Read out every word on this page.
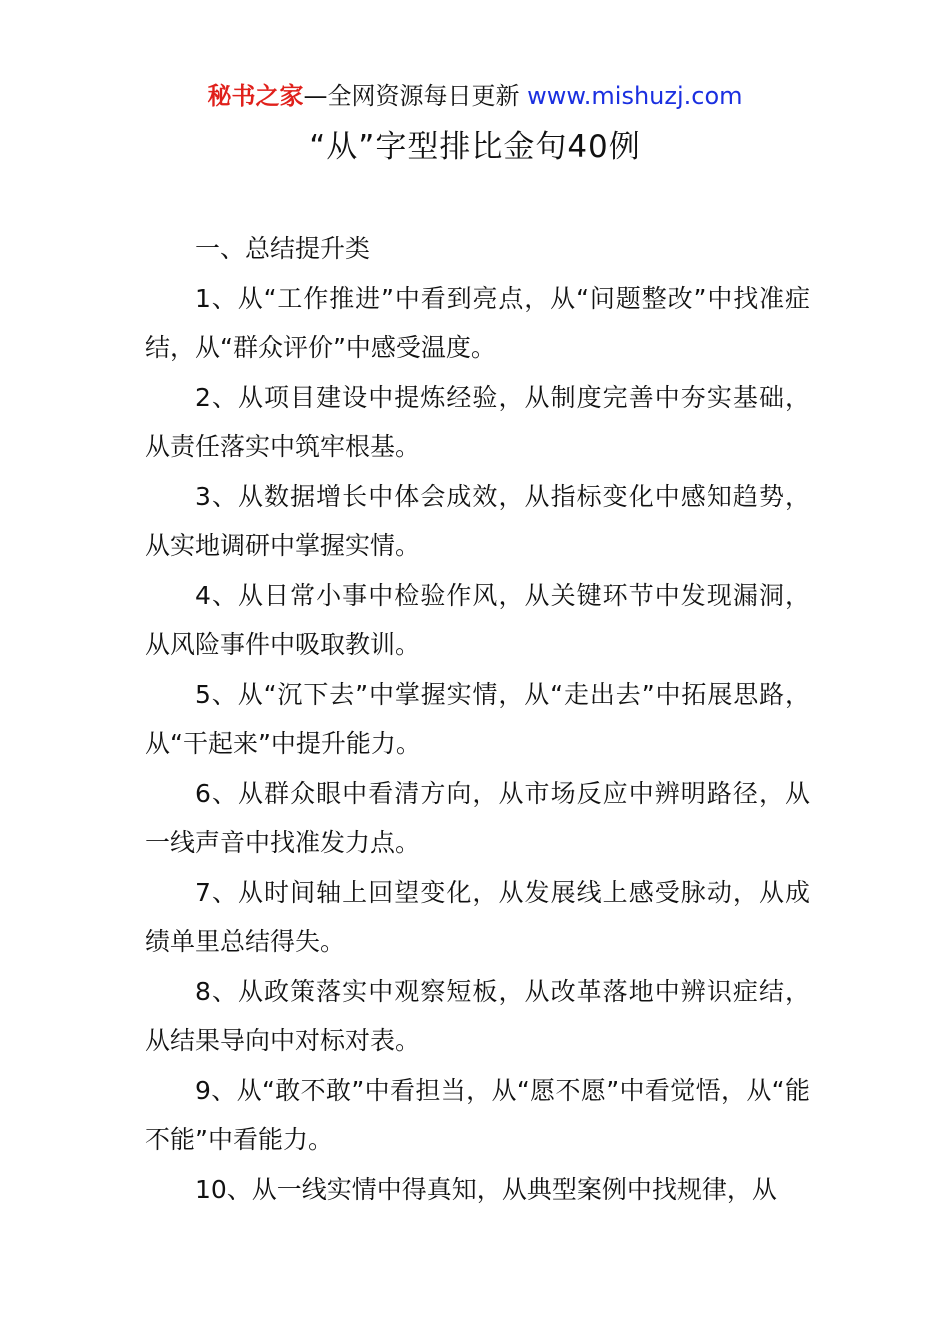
秘书之家—全网资源每日更新 www.mishuzj.com
“从”字型排比金句40例

一、总结提升类

1、从“工作推进”中看到亮点，从“问题整改”中找准症结，从“群众评价”中感受温度。

2、从项目建设中提炼经验，从制度完善中夯实基础，从责任落实中筑牢根基。

3、从数据增长中体会成效，从指标变化中感知趋势，从实地调研中掌握实情。

4、从日常小事中检验作风，从关键环节中发现漏洞，从风险事件中吸取教训。

5、从“沉下去”中掌握实情，从“走出去”中拓展思路，从“干起来”中提升能力。

6、从群众眼中看清方向，从市场反应中辨明路径，从一线声音中找准发力点。

7、从时间轴上回望变化，从发展线上感受脉动，从成绩单里总结得失。

8、从政策落实中观察短板，从改革落地中辨识症结，从结果导向中对标对表。

9、从“敢不敢”中看担当，从“愿不愿”中看觉悟，从“能不能”中看能力。

10、从一线实情中得真知，从典型案例中找规律，从
